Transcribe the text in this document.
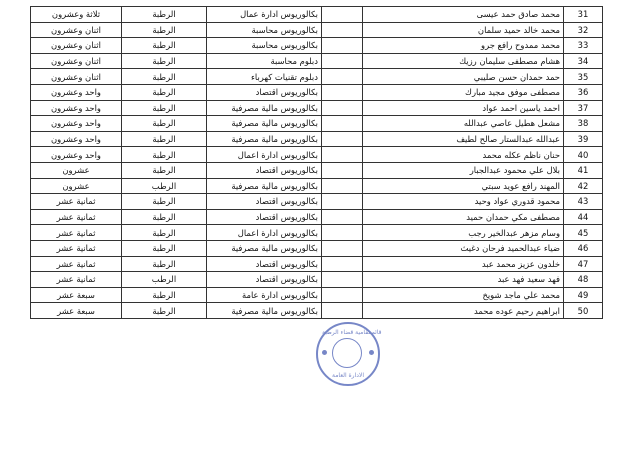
31	محمد صادق حمد عيسى		بكالوريوس ادارة عمال	الرطبة	ثلاثة وعشرون
32	محمد خالد حميد سلمان		بكالوريوس محاسبة	الرطبة	اثنان وعشرون
33	محمد ممدوح رافع جرو		بكالوريوس محاسبة	الرطبة	اثنان وعشرون
34	هشام مصطفى سليمان رزيك		دبلوم محاسبة	الرطبة	اثنان وعشرون
35	حمد حمدان حسن صليبي		دبلوم تقنيات كهرباء	الرطبة	اثنان وعشرون
36	مصطفى موفق مجيد مبارك		بكالوريوس اقتصاد	الرطبة	واحد وعشرون
37	احمد ياسين احمد عواد		بكالوريوس مالية مصرفية	الرطبة	واحد وعشرون
38	مشعل هطيل عاصي عبدالله		بكالوريوس مالية مصرفية	الرطبة	واحد وعشرون
39	عبدالله عبدالستار صالح لطيف		بكالوريوس مالية مصرفية	الرطبة	واحد وعشرون
40	حنان ناظم عكله محمد		بكالوريوس ادارة اعمال	الرطبة	واحد وعشرون
41	بلال علي محمود عبدالجبار		بكالوريوس اقتصاد	الرطبة	عشرون
42	المهند رافع عويد سبتي		بكالوريوس مالية مصرفية	الرطب	عشرون
43	محمود قدوري عواد وحيد		بكالوريوس اقتصاد	الرطبة	ثمانية عشر
44	مصطفى مكي حمدان حميد		بكالوريوس اقتصاد	الرطبة	ثمانية عشر
45	وسام مزهر عبدالخير رجب		بكالوريوس ادارة اعمال	الرطبة	ثمانية عشر
46	ضياء عبدالحميد فرحان دغيث		بكالوريوس مالية مصرفية	الرطبة	ثمانية عشر
47	خلدون عزيز محمد عبد		بكالوريوس اقتصاد	الرطبة	ثمانية عشر
48	فهد سعيد فهد عبد		بكالوريوس اقتصاد	الرطب	ثمانية عشر
49	محمد علي ماجد شويخ		بكالوريوس ادارة عامة	الرطبة	سبعة عشر
50	ابراهيم رحيم عوده محمد		بكالوريوس مالية مصرفية	الرطبة	سبعة عشر
قائممقامية قضاء الرطبة
الادارة العامة
